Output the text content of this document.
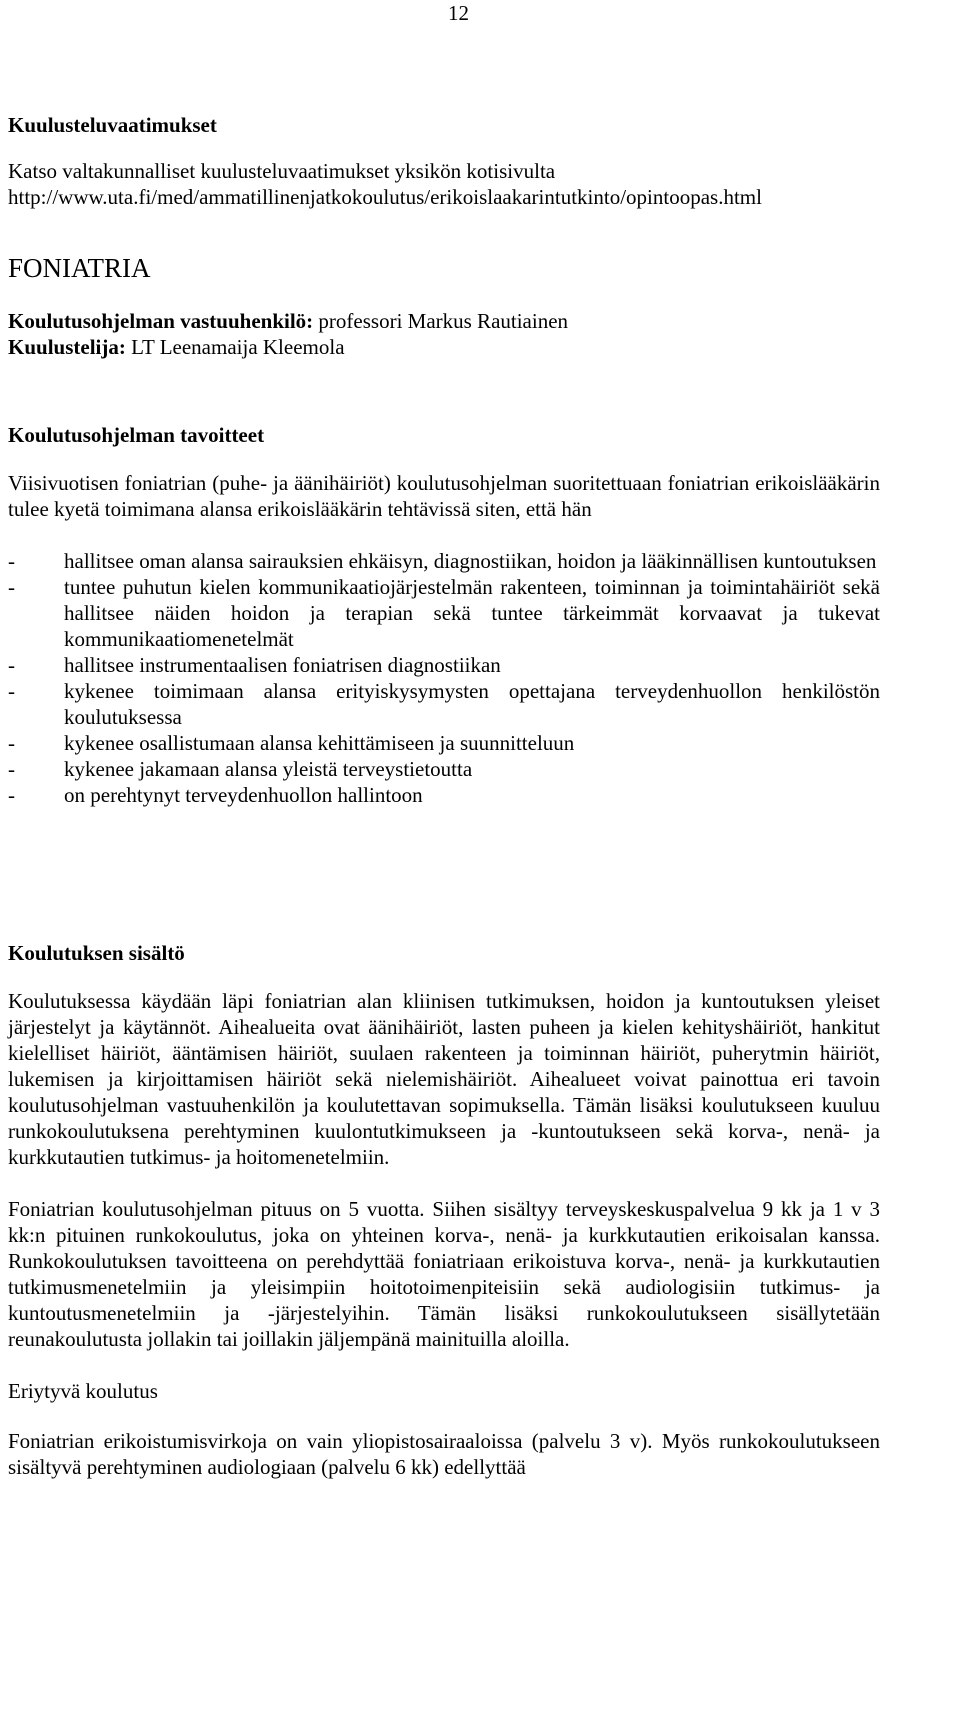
12
Kuulusteluvaatimukset

Katso valtakunnalliset kuulusteluvaatimukset yksikön kotisivulta

http://www.uta.fi/med/ammatillinenjatkokoulutus/erikoislaakarintutkinto/opintoopas.html

FONIATRIA

Koulutusohjelman vastuuhenkilö: professori Markus Rautiainen

Kuulustelija: LT Leenamaija Kleemola

Koulutusohjelman tavoitteet

Viisivuotisen foniatrian (puhe- ja äänihäiriöt) koulutusohjelman suoritettuaan foniatrian erikoislääkärin tulee kyetä toimimana alansa erikoislääkärin tehtävissä siten, että hän

- hallitsee oman alansa sairauksien ehkäisyn, diagnostiikan, hoidon ja lääkinnällisen kuntoutuksen
- tuntee puhutun kielen kommunikaatiojärjestelmän rakenteen, toiminnan ja toimintahäiriöt sekä hallitsee näiden hoidon ja terapian sekä tuntee tärkeimmät korvaavat ja tukevat kommunikaatiomenetelmät
- hallitsee instrumentaalisen foniatrisen diagnostiikan
- kykenee toimimaan alansa erityiskysymysten opettajana terveydenhuollon henkilöstön koulutuksessa
- kykenee osallistumaan alansa kehittämiseen ja suunnitteluun
- kykenee jakamaan alansa yleistä terveystietoutta
- on perehtynyt terveydenhuollon hallintoon
Koulutuksen sisältö

Koulutuksessa käydään läpi foniatrian alan kliinisen tutkimuksen, hoidon ja kuntoutuksen yleiset järjestelyt ja käytännöt. Aihealueita ovat äänihäiriöt, lasten puheen ja kielen kehityshäiriöt, hankitut kielelliset häiriöt, ääntämisen häiriöt, suulaen rakenteen ja toiminnan häiriöt, puherytmin häiriöt, lukemisen ja kirjoittamisen häiriöt sekä nielemishäiriöt. Aihealueet voivat painottua eri tavoin koulutusohjelman vastuuhenkilön ja koulutettavan sopimuksella. Tämän lisäksi koulutukseen kuuluu runkokoulutuksena perehtyminen kuulontutkimukseen ja -kuntoutukseen sekä korva-, nenä- ja kurkkutautien tutkimus- ja hoitomenetelmiin.

Foniatrian koulutusohjelman pituus on 5 vuotta. Siihen sisältyy terveyskeskuspalvelua 9 kk ja 1 v 3 kk:n pituinen runkokoulutus, joka on yhteinen korva-, nenä- ja kurkkutautien erikoisalan kanssa. Runkokoulutuksen tavoitteena on perehdyttää foniatriaan erikoistuva korva-, nenä- ja kurkkutautien tutkimusmenetelmiin ja yleisimpiin hoitotoimenpiteisiin sekä audiologisiin tutkimus- ja kuntoutusmenetelmiin ja -järjestelyihin. Tämän lisäksi runkokoulutukseen sisällytetään reunakoulutusta jollakin tai joillakin jäljempänä mainituilla aloilla.

Eriytyvä koulutus

Foniatrian erikoistumisvirkoja on vain yliopistosairaaloissa (palvelu 3 v). Myös runkokoulutukseen sisältyvä perehtyminen audiologiaan (palvelu 6 kk) edellyttää
